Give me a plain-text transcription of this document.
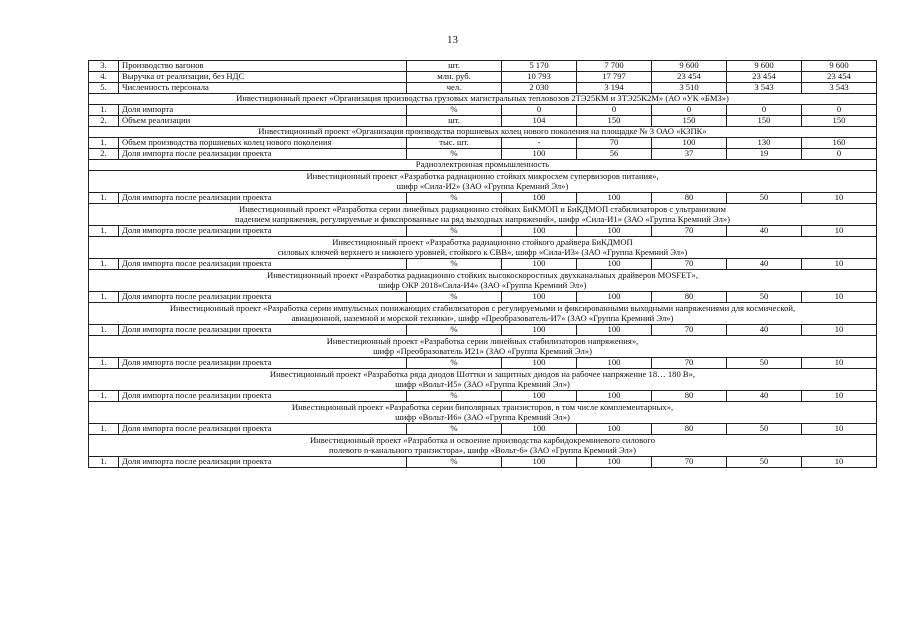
13
3.	Производство вагонов	шт.	5 170	7 700	9 600	9 600	9 600
4.	Выручка от реализации, без НДС	млн. руб.	10 793	17 797	23 454	23 454	23 454
5.	Численность персонала	чел.	2 030	3 194	3 510	3 543	3 543

Инвестиционный проект «Организация производства грузовых магистральных тепловозов 2ТЭ25КМ и 3ТЭ25К2М» (АО «УК «БМЗ»)							

1.	Доля импорта	%	0	0	0	0	0
2.	Объем реализации	шт.	104	150	150	150	150

Инвестиционный проект «Организация производства поршневых колец нового поколения на площадке № 3 ОАО «КЗПК»							

1.	Объем производства поршневых колец нового поколения	тыс. шт.	-	70	100	130	160
2.	Доля импорта после реализации проекта	%	100	56	37	19	0

Радиоэлектронная промышленность							

Инвестиционный проект «Разработка радиационно стойких микросхем супервизоров питания»,
шифр «Сила-И2» (ЗАО «Группа Кремний Эл»)							

1.	Доля импорта после реализации проекта	%	100	100	80	50	10

Инвестиционный проект «Разработка серии линейных радиационно стойких БиКМОП и БиКДМОП стабилизаторов с ультранизким
падением напряжения, регулируемые и фиксированные на ряд выходных напряжений», шифр «Сила-И1» (ЗАО «Группа Кремний Эл»)							

1.	Доля импорта после реализации проекта	%	100	100	70	40	10

Инвестиционный проект «Разработка радиационно стойкого драйвера БиКДМОП
силовых ключей верхнего и нижнего уровней, стойкого к СВВ», шифр «Сила-И3» (ЗАО «Группа Кремний Эл»)							

1.	Доля импорта после реализации проекта	%	100	100	70	40	10

Инвестиционный проект «Разработка радиационно стойких высокоскоростных двухканальных драйверов MOSFET»,
шифр ОКР 2018«Сила-И4» (ЗАО «Группа Кремний Эл»)							

1.	Доля импорта после реализации проекта	%	100	100	80	50	10

Инвестиционный проект «Разработка серии импульсных понижающих стабилизаторов с регулируемыми и фиксированными выходными напряжениями для космической,
авиационной, наземной и морской техники», шифр «Преобразователь-И7» (ЗАО «Группа Кремний Эл»)							

1.	Доля импорта после реализации проекта	%	100	100	70	40	10

Инвестиционный проект «Разработка серии линейных стабилизаторов напряжения»,
шифр «Преобразователь И21» (ЗАО «Группа Кремний Эл»)							

1.	Доля импорта после реализации проекта	%	100	100	70	50	10

Инвестиционный проект «Разработка ряда диодов Шоттки и защитных диодов на рабочее напряжение 18… 180 В»,
шифр «Вольт-И5» (ЗАО «Группа Кремний Эл»)							

1.	Доля импорта после реализации проекта	%	100	100	80	40	10

Инвестиционный проект «Разработка серии биполярных транзисторов, в том числе комплементарных»,
шифр «Вольт-И6» (ЗАО «Группа Кремний Эл»)							

1.	Доля импорта после реализации проекта	%	100	100	80	50	10

Инвестиционный проект «Разработка и освоение производства карбидокремниевого силового
полевого n-канального транзистора», шифр «Вольт-6» (ЗАО «Группа Кремний Эл»)							

1.	Доля импорта после реализации проекта	%	100	100	70	50	10
